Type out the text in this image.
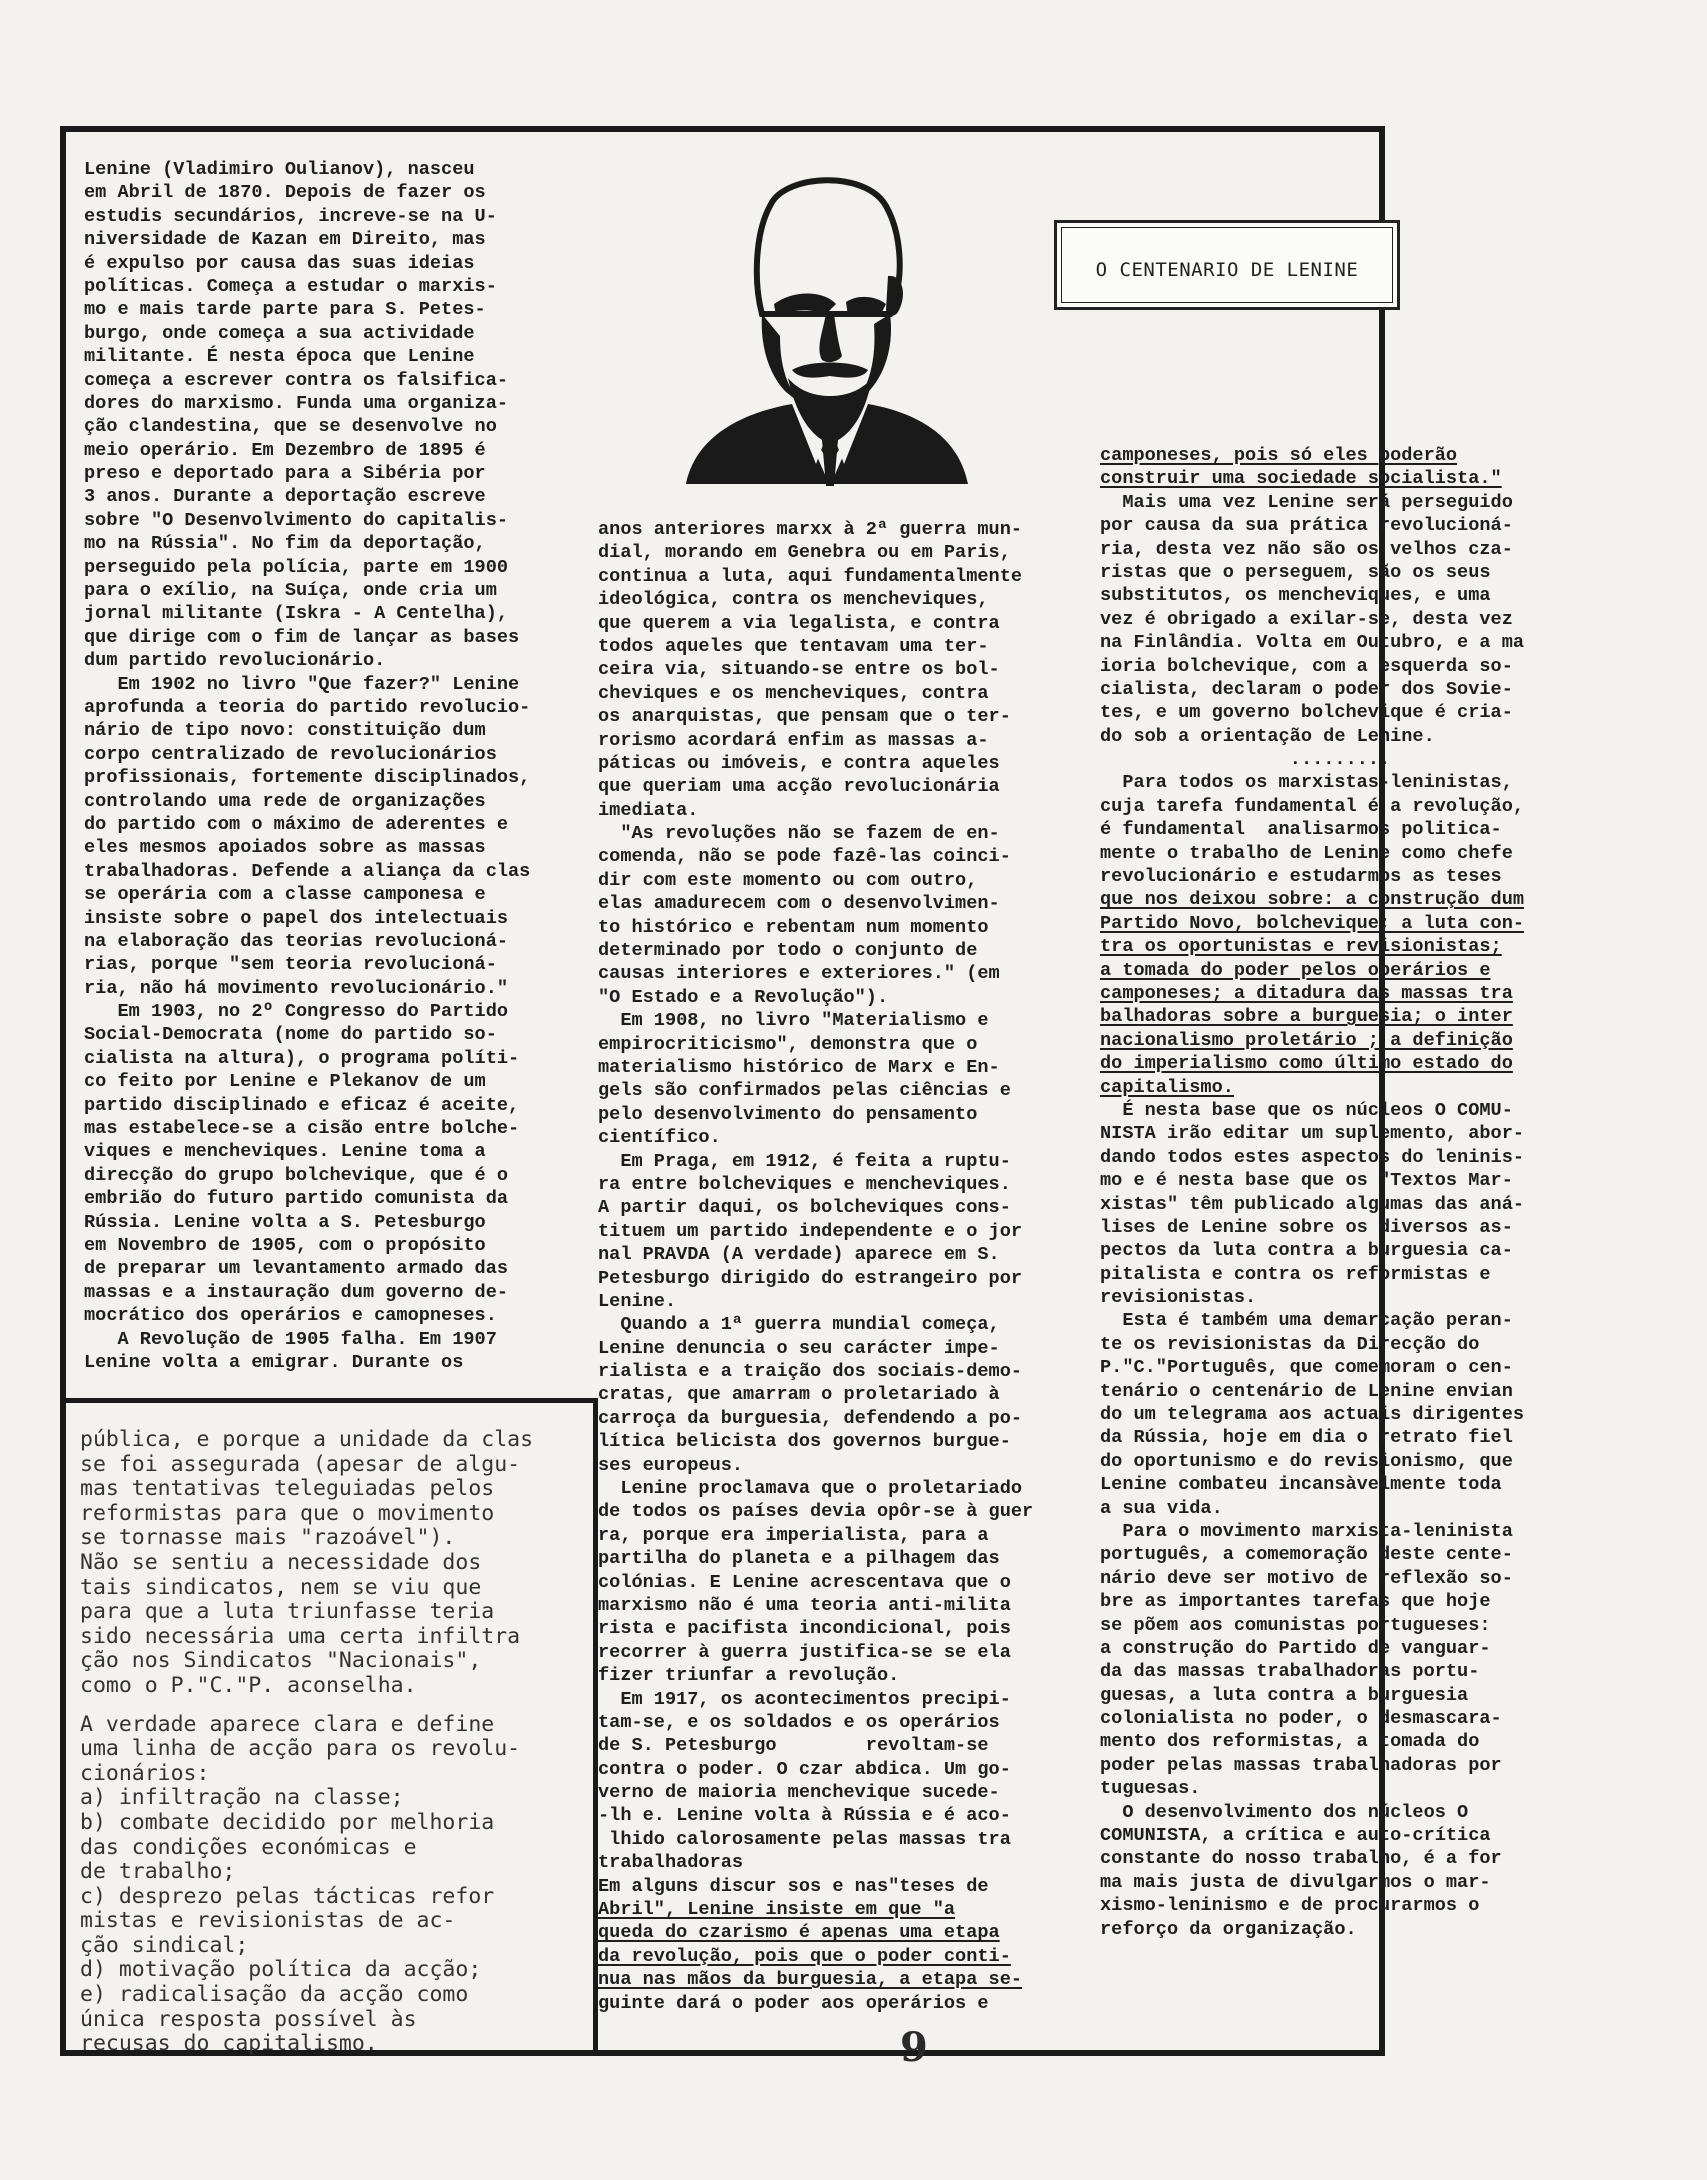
Lenine (Vladimiro Oulianov), nasceu
em Abril de 1870. Depois de fazer os
estudis secundários, increve-se na U-
niversidade de Kazan em Direito, mas
é expulso por causa das suas ideias
políticas. Começa a estudar o marxis-
mo e mais tarde parte para S. Petes-
burgo, onde começa a sua actividade
militante. É nesta época que Lenine
começa a escrever contra os falsifica-
dores do marxismo. Funda uma organiza-
ção clandestina, que se desenvolve no
meio operário. Em Dezembro de 1895 é
preso e deportado para a Sibéria por
3 anos. Durante a deportação escreve
sobre "O Desenvolvimento do capitalis-
mo na Rússia". No fim da deportação,
perseguido pela polícia, parte em 1900
para o exílio, na Suíça, onde cria um
jornal militante (Iskra - A Centelha),
que dirige com o fim de lançar as bases
dum partido revolucionário.
Em 1902 no livro "Que fazer?" Lenine
aprofunda a teoria do partido revolucio-
nário de tipo novo: constituição dum
corpo centralizado de revolucionários
profissionais, fortemente disciplinados,
controlando uma rede de organizações
do partido com o máximo de aderentes e
eles mesmos apoiados sobre as massas
trabalhadoras. Defende a aliança da clas
se operária com a classe camponesa e
insiste sobre o papel dos intelectuais
na elaboração das teorias revolucioná-
rias, porque "sem teoria revolucioná-
ria, não há movimento revolucionário."
Em 1903, no 2º Congresso do Partido
Social-Democrata (nome do partido so-
cialista na altura), o programa políti-
co feito por Lenine e Plekanov de um
partido disciplinado e eficaz é aceite,
mas estabelece-se a cisão entre bolche-
viques e mencheviques. Lenine toma a
direcção do grupo bolchevique, que é o
embrião do futuro partido comunista da
Rússia. Lenine volta a S. Petesburgo
em Novembro de 1905, com o propósito
de preparar um levantamento armado das
massas e a instauração dum governo de-
mocrático dos operários e camopneses.
A Revolução de 1905 falha. Em 1907
Lenine volta a emigrar. Durante os
O CENTENARIO DE LENINE
anos anteriores marxx à 2ª guerra mun-
dial, morando em Genebra ou em Paris,
continua a luta, aqui fundamentalmente
ideológica, contra os mencheviques,
que querem a via legalista, e contra
todos aqueles que tentavam uma ter-
ceira via, situando-se entre os bol-
cheviques e os mencheviques, contra
os anarquistas, que pensam que o ter-
rorismo acordará enfim as massas a-
páticas ou imóveis, e contra aqueles
que queriam uma acção revolucionária
imediata.
"As revoluções não se fazem de en-
comenda, não se pode fazê-las coinci-
dir com este momento ou com outro,
elas amadurecem com o desenvolvimen-
to histórico e rebentam num momento
determinado por todo o conjunto de
causas interiores e exteriores." (em
"O Estado e a Revolução").
Em 1908, no livro "Materialismo e
empirocriticismo", demonstra que o
materialismo histórico de Marx e En-
gels são confirmados pelas ciências e
pelo desenvolvimento do pensamento
científico.
Em Praga, em 1912, é feita a ruptu-
ra entre bolcheviques e mencheviques.
A partir daqui, os bolcheviques cons-
tituem um partido independente e o jor
nal PRAVDA (A verdade) aparece em S.
Petesburgo dirigido do estrangeiro por
Lenine.
Quando a 1ª guerra mundial começa,
Lenine denuncia o seu carácter impe-
rialista e a traição dos sociais-demo-
cratas, que amarram o proletariado à
carroça da burguesia, defendendo a po-
lítica belicista dos governos burgue-
ses europeus.
Lenine proclamava que o proletariado
de todos os países devia opôr-se à guer
ra, porque era imperialista, para a
partilha do planeta e a pilhagem das
colónias. E Lenine acrescentava que o
marxismo não é uma teoria anti-milita
rista e pacifista incondicional, pois
recorrer à guerra justifica-se se ela
fizer triunfar a revolução.
Em 1917, os acontecimentos precipi-
tam-se, e os soldados e os operários
de S. Petesburgo        revoltam-se
contra o poder. O czar abdica. Um go-
verno de maioria menchevique sucede-
-lh e. Lenine volta à Rússia e é aco-
lhido calorosamente pelas massas tra
trabalhadoras
Em alguns discur sos e nas"teses de
Abril", Lenine insiste em que "a
queda do czarismo é apenas uma etapa
da revolução, pois que o poder conti-
nua nas mãos da burguesia, a etapa se-
guinte dará o poder aos operários e
camponeses, pois só eles poderão
construir uma sociedade socialista."
Mais uma vez Lenine será perseguido
por causa da sua prática revolucioná-
ria, desta vez não são os velhos cza-
ristas que o perseguem, são os seus
substitutos, os mencheviques, e uma
vez é obrigado a exilar-se, desta vez
na Finlândia. Volta em Outubro, e a ma
ioria bolchevique, com a esquerda so-
cialista, declaram o poder dos Sovie-
tes, e um governo bolchevique é cria-
do sob a orientação de Lenine.
.........
Para todos os marxistas-leninistas,
cuja tarefa fundamental é a revolução,
é fundamental  analisarmos politica-
mente o trabalho de Lenine como chefe
revolucionário e estudarmos as teses
que nos deixou sobre: a construção dum
Partido Novo, bolchevique; a luta con-
tra os oportunistas e revisionistas;
a tomada do poder pelos operários e
camponeses; a ditadura das massas tra
balhadoras sobre a burguesia; o inter
nacionalismo proletário ; a definição
do imperialismo como último estado do
capitalismo.
É nesta base que os núcleos O COMU-
NISTA irão editar um suplemento, abor-
dando todos estes aspectos do leninis-
mo e é nesta base que os "Textos Mar-
xistas" têm publicado algumas das aná-
lises de Lenine sobre os diversos as-
pectos da luta contra a burguesia ca-
pitalista e contra os reformistas e
revisionistas.
Esta é também uma demarcação peran-
te os revisionistas da Direcção do
P."C."Português, que comemoram o cen-
tenário o centenário de Lenine envian
do um telegrama aos actuais dirigentes
da Rússia, hoje em dia o retrato fiel
do oportunismo e do revisionismo, que
Lenine combateu incansàvelmente toda
a sua vida.
Para o movimento marxista-leninista
português, a comemoração deste cente-
nário deve ser motivo de reflexão so-
bre as importantes tarefas que hoje
se põem aos comunistas portugueses:
a construção do Partido de vanguar-
da das massas trabalhadoras portu-
guesas, a luta contra a burguesia
colonialista no poder, o desmascara-
mento dos reformistas, a tomada do
poder pelas massas trabalhadoras por
tuguesas.
O desenvolvimento dos núcleos O
COMUNISTA, a crítica e auto-crítica
constante do nosso trabalho, é a for
ma mais justa de divulgarmos o mar-
xismo-leninismo e de procurarmos o
reforço da organização.
pública, e porque a unidade da clas
se foi assegurada (apesar de algu-
mas tentativas teleguiadas pelos
reformistas para que o movimento
se tornasse mais "razoável").
Não se sentiu a necessidade dos
tais sindicatos, nem se viu que
para que a luta triunfasse teria
sido necessária uma certa infiltra
ção nos Sindicatos "Nacionais",
como o P."C."P. aconselha.
A verdade aparece clara e define
uma linha de acção para os revolu-
cionários:
a) infiltração na classe;
b) combate decidido por melhoria
das condições económicas e
de trabalho;
c) desprezo pelas tácticas refor
mistas e revisionistas de ac-
ção sindical;
d) motivação política da acção;
e) radicalisação da acção como
única resposta possível às
recusas do capitalismo.	9
